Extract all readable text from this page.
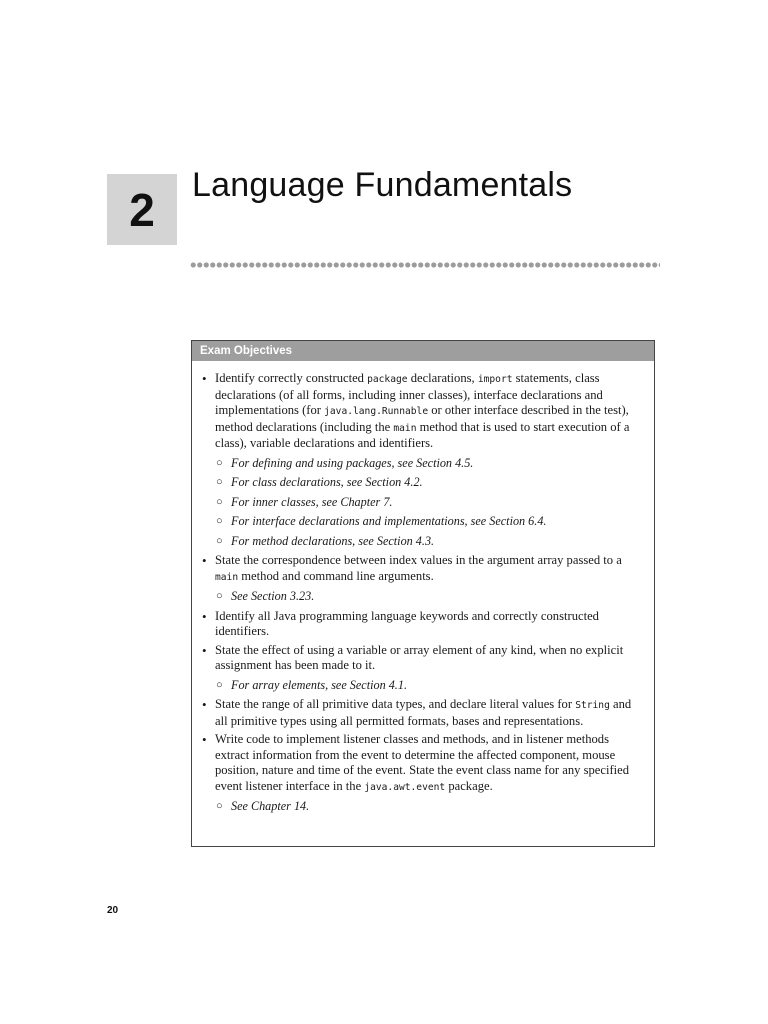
2 Language Fundamentals
Exam Objectives
• Identify correctly constructed package declarations, import statements, class declarations (of all forms, including inner classes), interface declarations and implementations (for java.lang.Runnable or other interface described in the test), method declarations (including the main method that is used to start execution of a class), variable declarations and identifiers.
○ For defining and using packages, see Section 4.5.
○ For class declarations, see Section 4.2.
○ For inner classes, see Chapter 7.
○ For interface declarations and implementations, see Section 6.4.
○ For method declarations, see Section 4.3.
• State the correspondence between index values in the argument array passed to a main method and command line arguments.
○ See Section 3.23.
• Identify all Java programming language keywords and correctly constructed identifiers.
• State the effect of using a variable or array element of any kind, when no explicit assignment has been made to it.
○ For array elements, see Section 4.1.
• State the range of all primitive data types, and declare literal values for String and all primitive types using all permitted formats, bases and representations.
• Write code to implement listener classes and methods, and in listener methods extract information from the event to determine the affected component, mouse position, nature and time of the event. State the event class name for any specified event listener interface in the java.awt.event package.
○ See Chapter 14.
20
